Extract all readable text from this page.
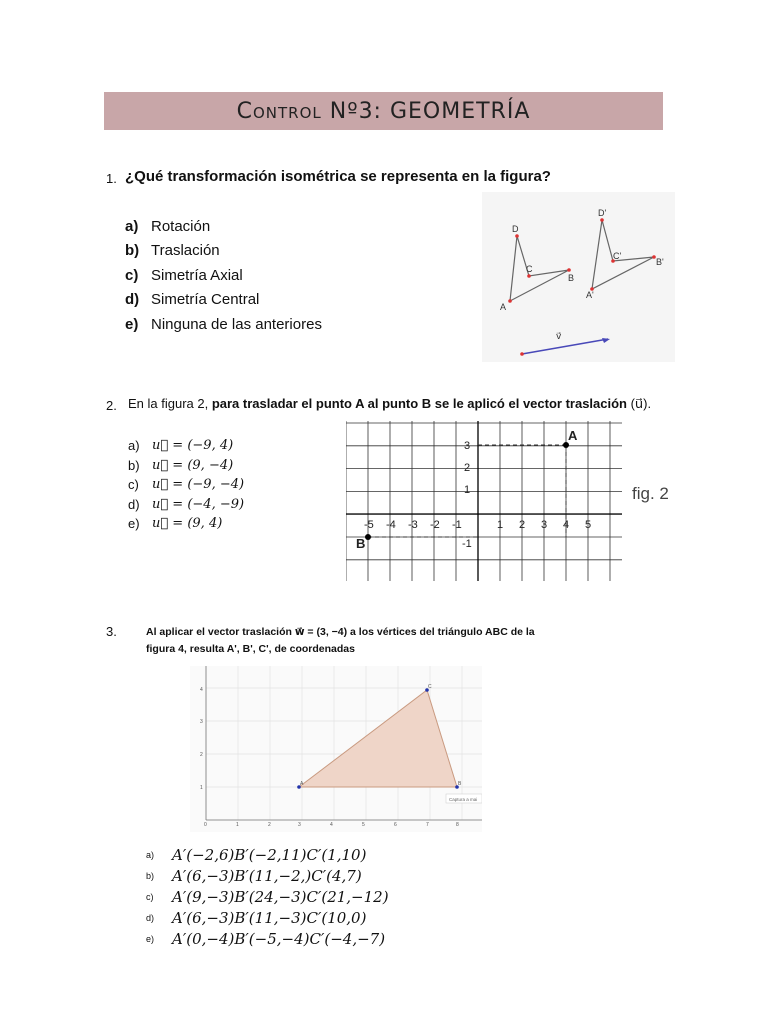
Control Nº3: GEOMETRÍA
1. ¿Qué transformación isométrica se representa en la figura?
a) Rotación
b) Traslación
c) Simetría Axial
d) Simetría Central
e) Ninguna de las anteriores
A
D
C
B
A'
D'
C'
B'
v⃗
2. En la figura 2, para trasladar el punto A al punto B se le aplicó el vector traslación (u⃗).
a) u⃗ = (−9, 4)
b) u⃗ = (9, −4)
c)	u⃗ = (−9, −4)
d) u⃗ = (−4, −9)
e) u⃗ = (9, 4)	-5 -4 -3 -2 -1	1 2 3 4 5
3
2
1
-1
A
B
fig. 2
3.	Al aplicar el vector traslación w⃗ = (3, −4) a los vértices del triángulo ABC de la figura 4, resulta A', B', C', de coordenadas
A
C
B
0	1	2	3	4	5	6	7	8
1
2
3
4
Captura a mai
a)	A′(−2,6)B′(−2,11)C′(1,10)
b)	A′(6,−3)B′(11,−2,)C′(4,7)
c)	A′(9,−3)B′(24,−3)C′(21,−12)
d)	A′(6,−3)B′(11,−3)C′(10,0)
e)	A′(0,−4)B′(−5,−4)C′(−4,−7)
